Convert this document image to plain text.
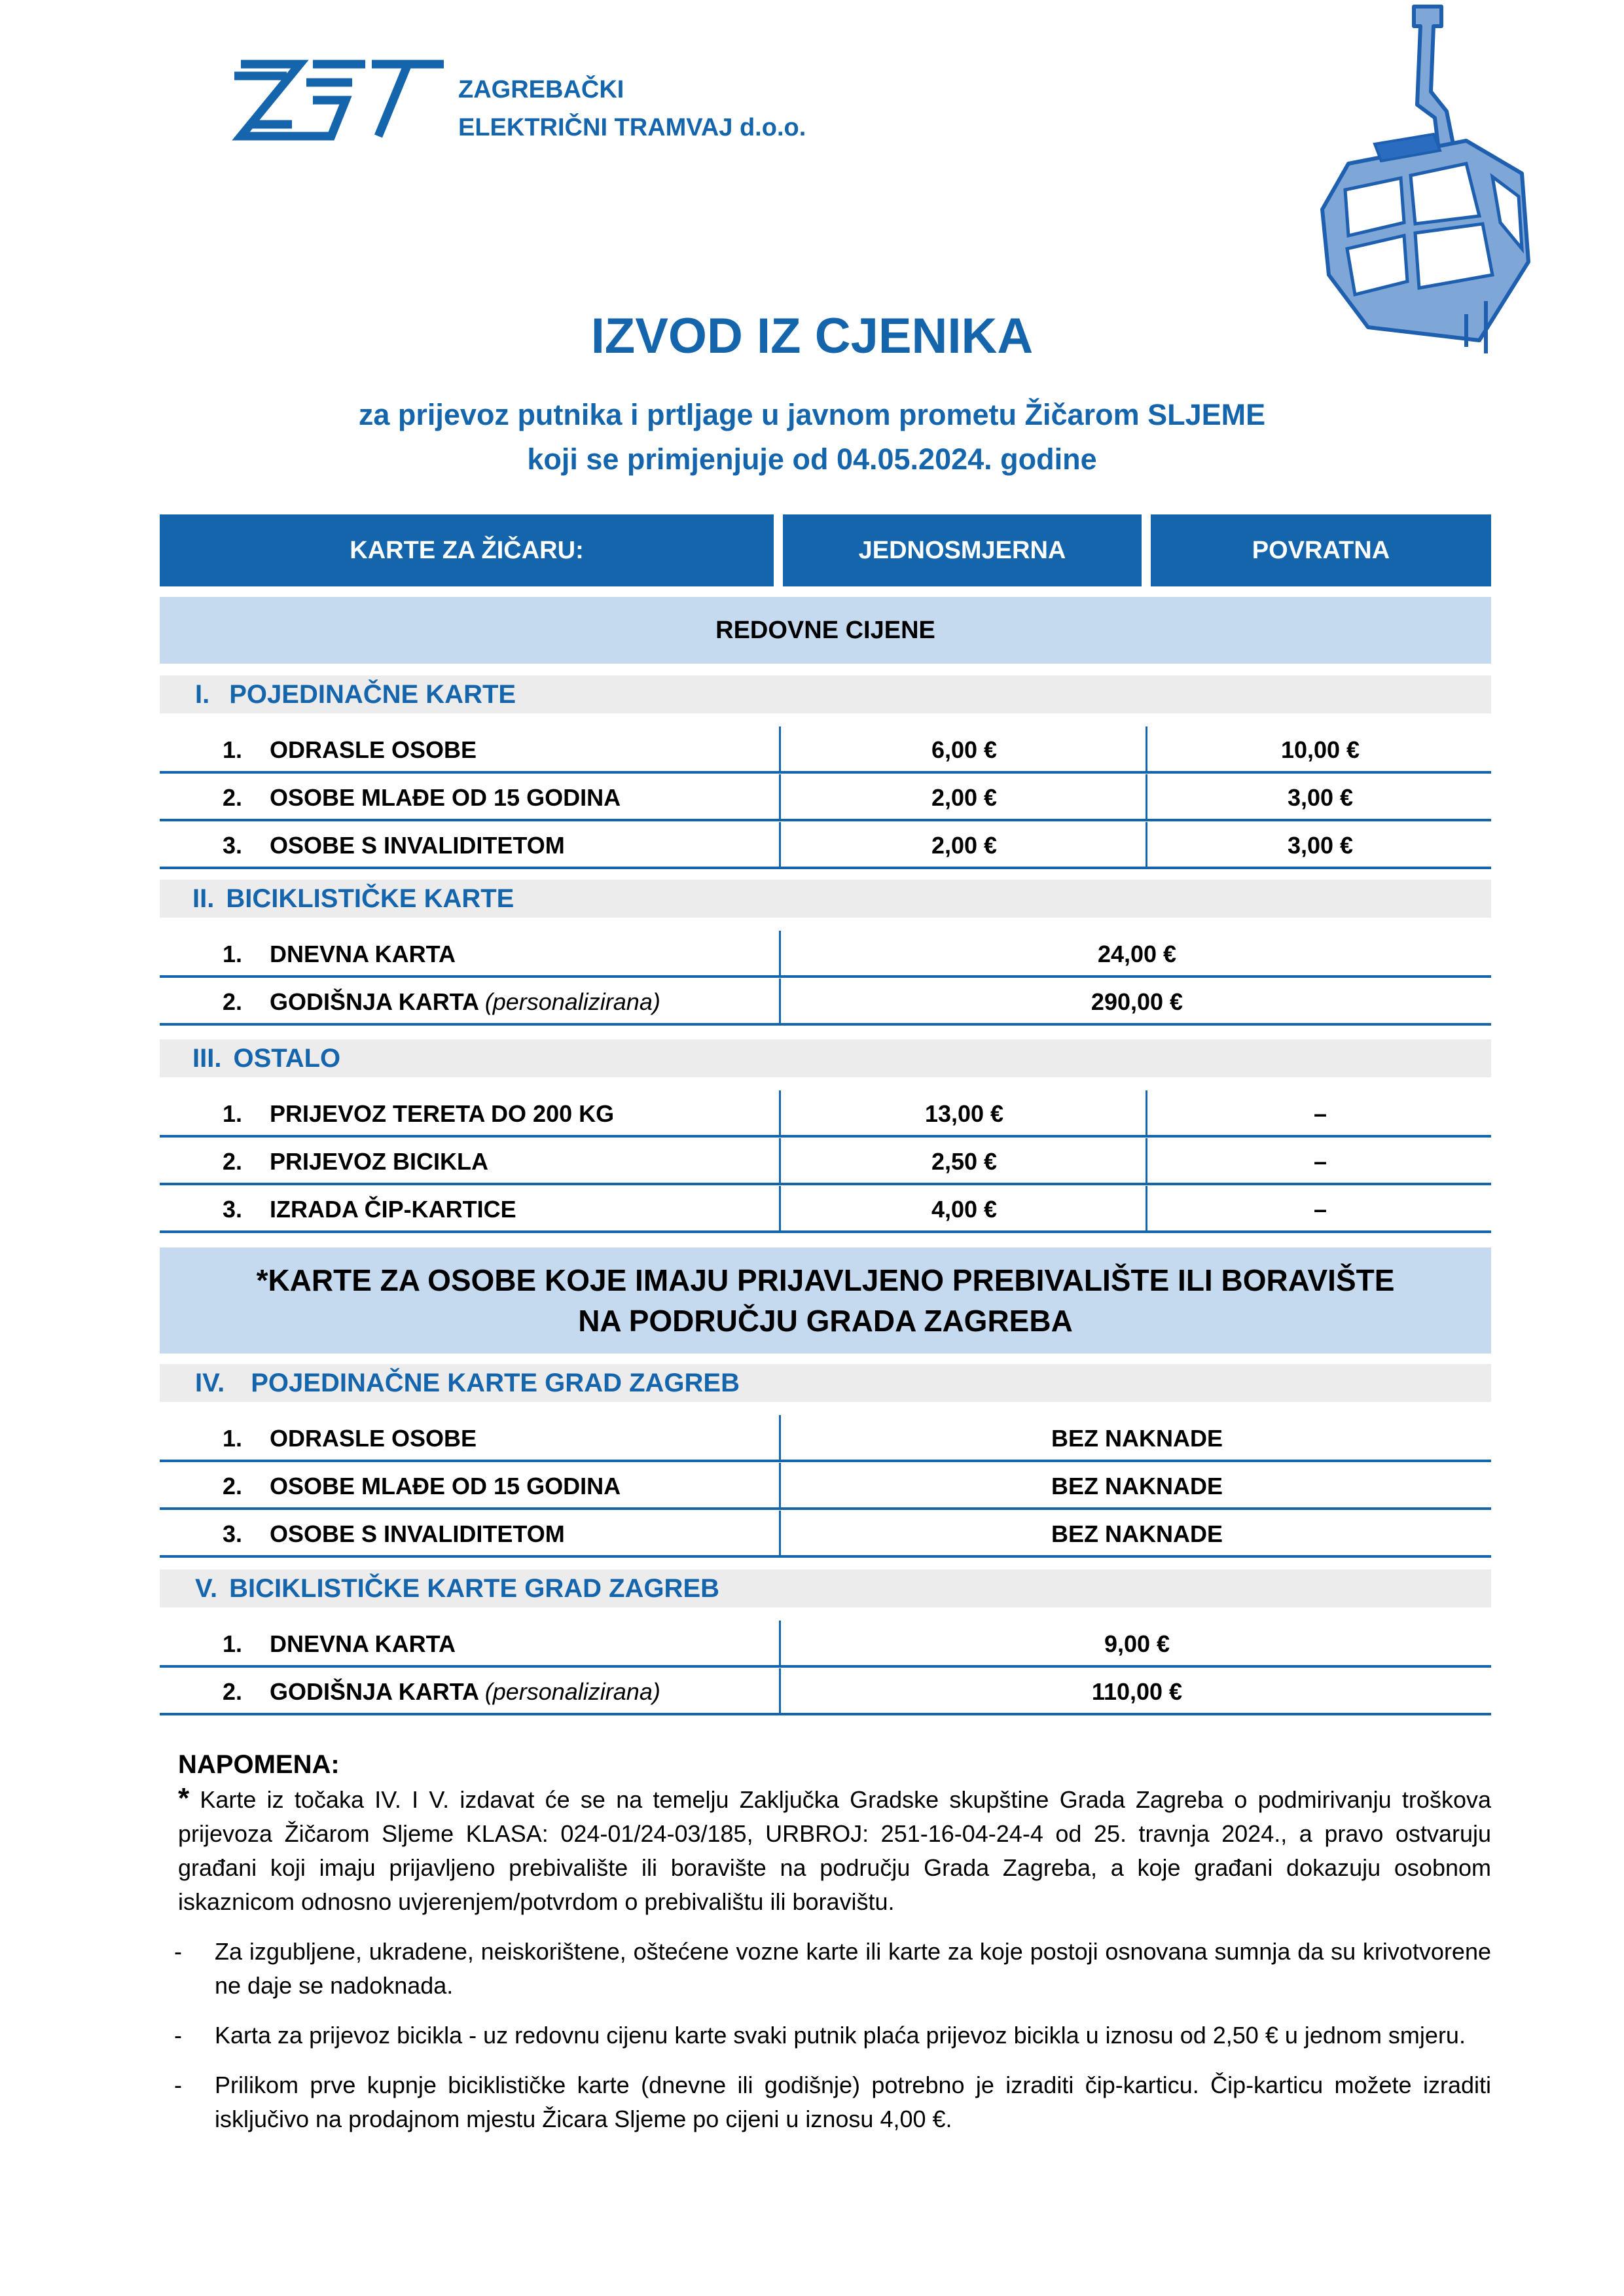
ZAGREBAČKI
ELEKTRIČNI TRAMVAJ d.o.o.
IZVOD IZ CJENIKA
za prijevoz putnika i prtljage u javnom prometu Žičarom SLJEME
koji se primjenjuje od 04.05.2024. godine
KARTE ZA ŽIČARU:	JEDNOSMJERNA	POVRATNA
REDOVNE CIJENE
I. POJEDINAČNE KARTE
1. ODRASLE OSOBE	6,00 €	10,00 €
2. OSOBE MLAĐE OD 15 GODINA	2,00 €	3,00 €
3. OSOBE S INVALIDITETOM	2,00 €	3,00 €
II. BICIKLISTIČKE KARTE
1. DNEVNA KARTA	24,00 €
2. GODIŠNJA KARTA (personalizirana)	290,00 €
III. OSTALO
1. PRIJEVOZ TERETA DO 200 KG	13,00 €	–
2. PRIJEVOZ BICIKLA	2,50 €	–
3. IZRADA ČIP-KARTICE	4,00 €	–
*KARTE ZA OSOBE KOJE IMAJU PRIJAVLJENO PREBIVALIŠTE ILI BORAVIŠTE
NA PODRUČJU GRADA ZAGREBA
IV. POJEDINAČNE KARTE GRAD ZAGREB
1. ODRASLE OSOBE	BEZ NAKNADE
2. OSOBE MLAĐE OD 15 GODINA	BEZ NAKNADE
3. OSOBE S INVALIDITETOM	BEZ NAKNADE
V. BICIKLISTIČKE KARTE GRAD ZAGREB
1. DNEVNA KARTA	9,00 €
2. GODIŠNJA KARTA (personalizirana)	110,00 €
NAPOMENA:

* Karte iz točaka IV. I V. izdavat će se na temelju Zaključka Gradske skupštine Grada Zagreba o podmirivanju troškova prijevoza Žičarom Sljeme KLASA: 024-01/24-03/185, URBROJ: 251-16-04-24-4 od 25. travnja 2024., a pravo ostvaruju građani koji imaju prijavljeno prebivalište ili boravište na području Grada Zagreba, a koje građani dokazuju osobnom iskaznicom odnosno uvjerenjem/potvrdom o prebivalištu ili boravištu.

- Za izgubljene, ukradene, neiskorištene, oštećene vozne karte ili karte za koje postoji osnovana sumnja da su krivotvorene ne daje se nadoknada.

- Karta za prijevoz bicikla - uz redovnu cijenu karte svaki putnik plaća prijevoz bicikla u iznosu od 2,50 € u jednom smjeru.

- Prilikom prve kupnje biciklističke karte (dnevne ili godišnje) potrebno je izraditi čip-karticu. Čip-karticu možete izraditi isključivo na prodajnom mjestu Žicara Sljeme po cijeni u iznosu 4,00 €.
